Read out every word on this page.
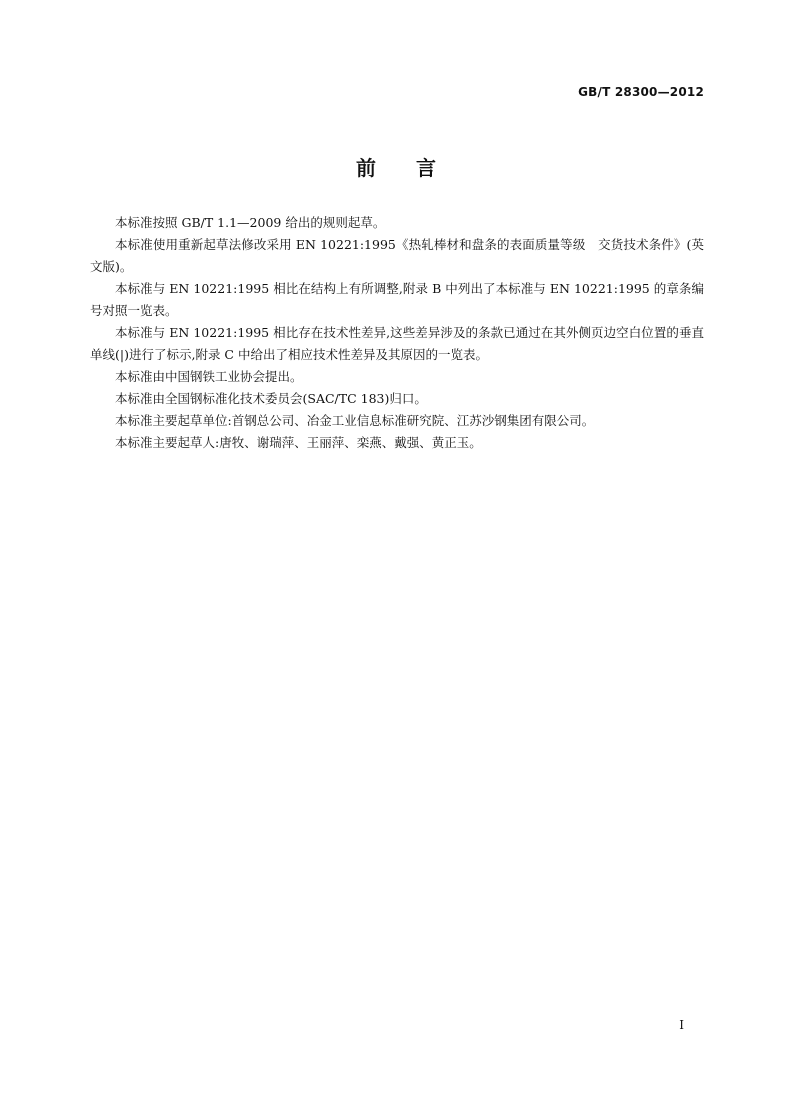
GB/T 28300—2012
前言

本标准按照 GB/T 1.1—2009 给出的规则起草。

本标准使用重新起草法修改采用 EN 10221:1995《热轧棒材和盘条的表面质量等级　交货技术条件》(英文版)。

本标准与 EN 10221:1995 相比在结构上有所调整,附录 B 中列出了本标准与 EN 10221:1995 的章条编号对照一览表。

本标准与 EN 10221:1995 相比存在技术性差异,这些差异涉及的条款已通过在其外侧页边空白位置的垂直单线(|)进行了标示,附录 C 中给出了相应技术性差异及其原因的一览表。

本标准由中国钢铁工业协会提出。

本标准由全国钢标准化技术委员会(SAC/TC 183)归口。

本标准主要起草单位:首钢总公司、冶金工业信息标准研究院、江苏沙钢集团有限公司。

本标准主要起草人:唐牧、谢瑞萍、王丽萍、栾燕、戴强、黄正玉。

I
